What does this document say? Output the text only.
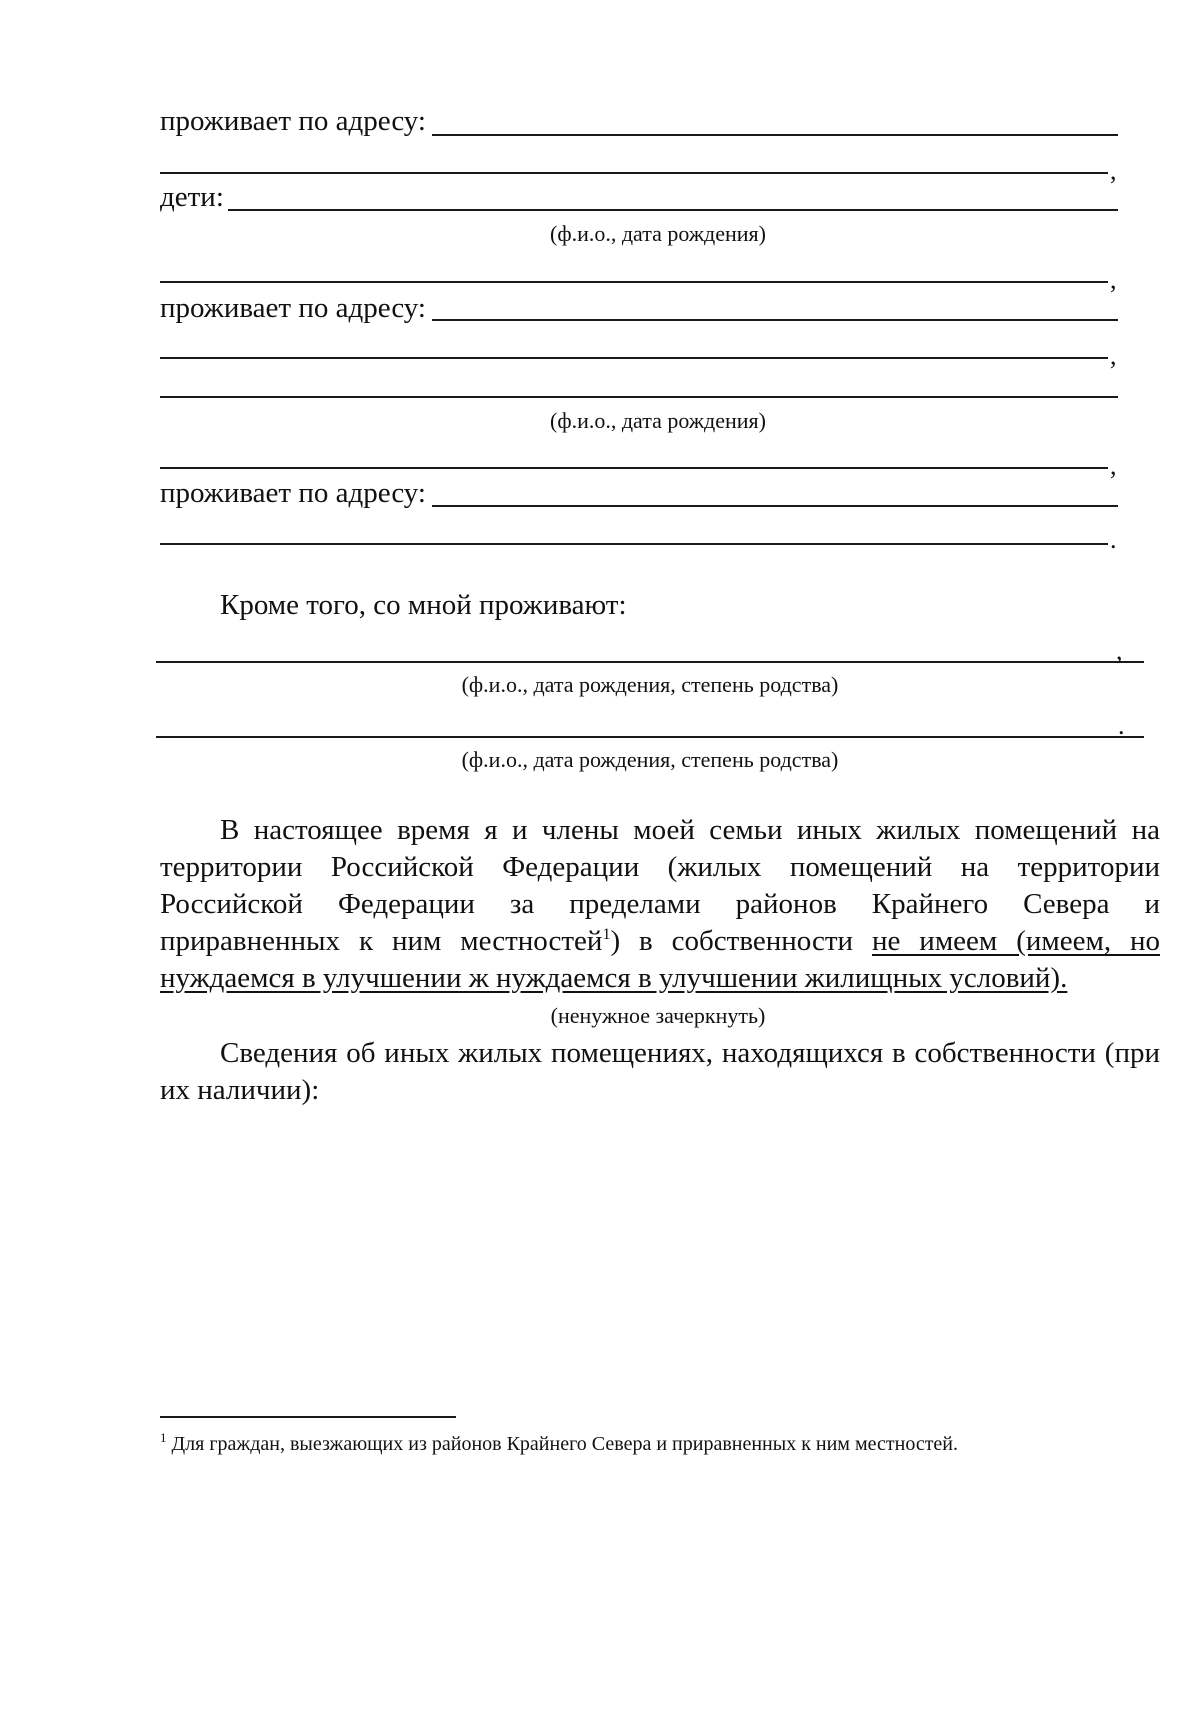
проживает по адресу:
,
дети:
(ф.и.о., дата рождения)
,
проживает по адресу:
,
(ф.и.о., дата рождения)
,
проживает по адресу:
.
Кроме того, со мной проживают:
,
(ф.и.о., дата рождения, степень родства)
.
(ф.и.о., дата рождения, степень родства)
В настоящее время я и члены моей семьи иных жилых помещений на
территории Российской Федерации (жилых помещений на территории
Российской Федерации за пределами районов Крайнего Севера и
приравненных к ним местностей$^1$) в собственности не имеем (имеем, но
нуждаемся в улучшении ж нуждаемся в улучшении жилищных условий).
(ненужное зачеркнуть)
Сведения об иных жилых помещениях, находящихся в собственности (при
их наличии):
$^1$ Для граждан, выезжающих из районов Крайнего Севера и приравненных к ним местностей.
